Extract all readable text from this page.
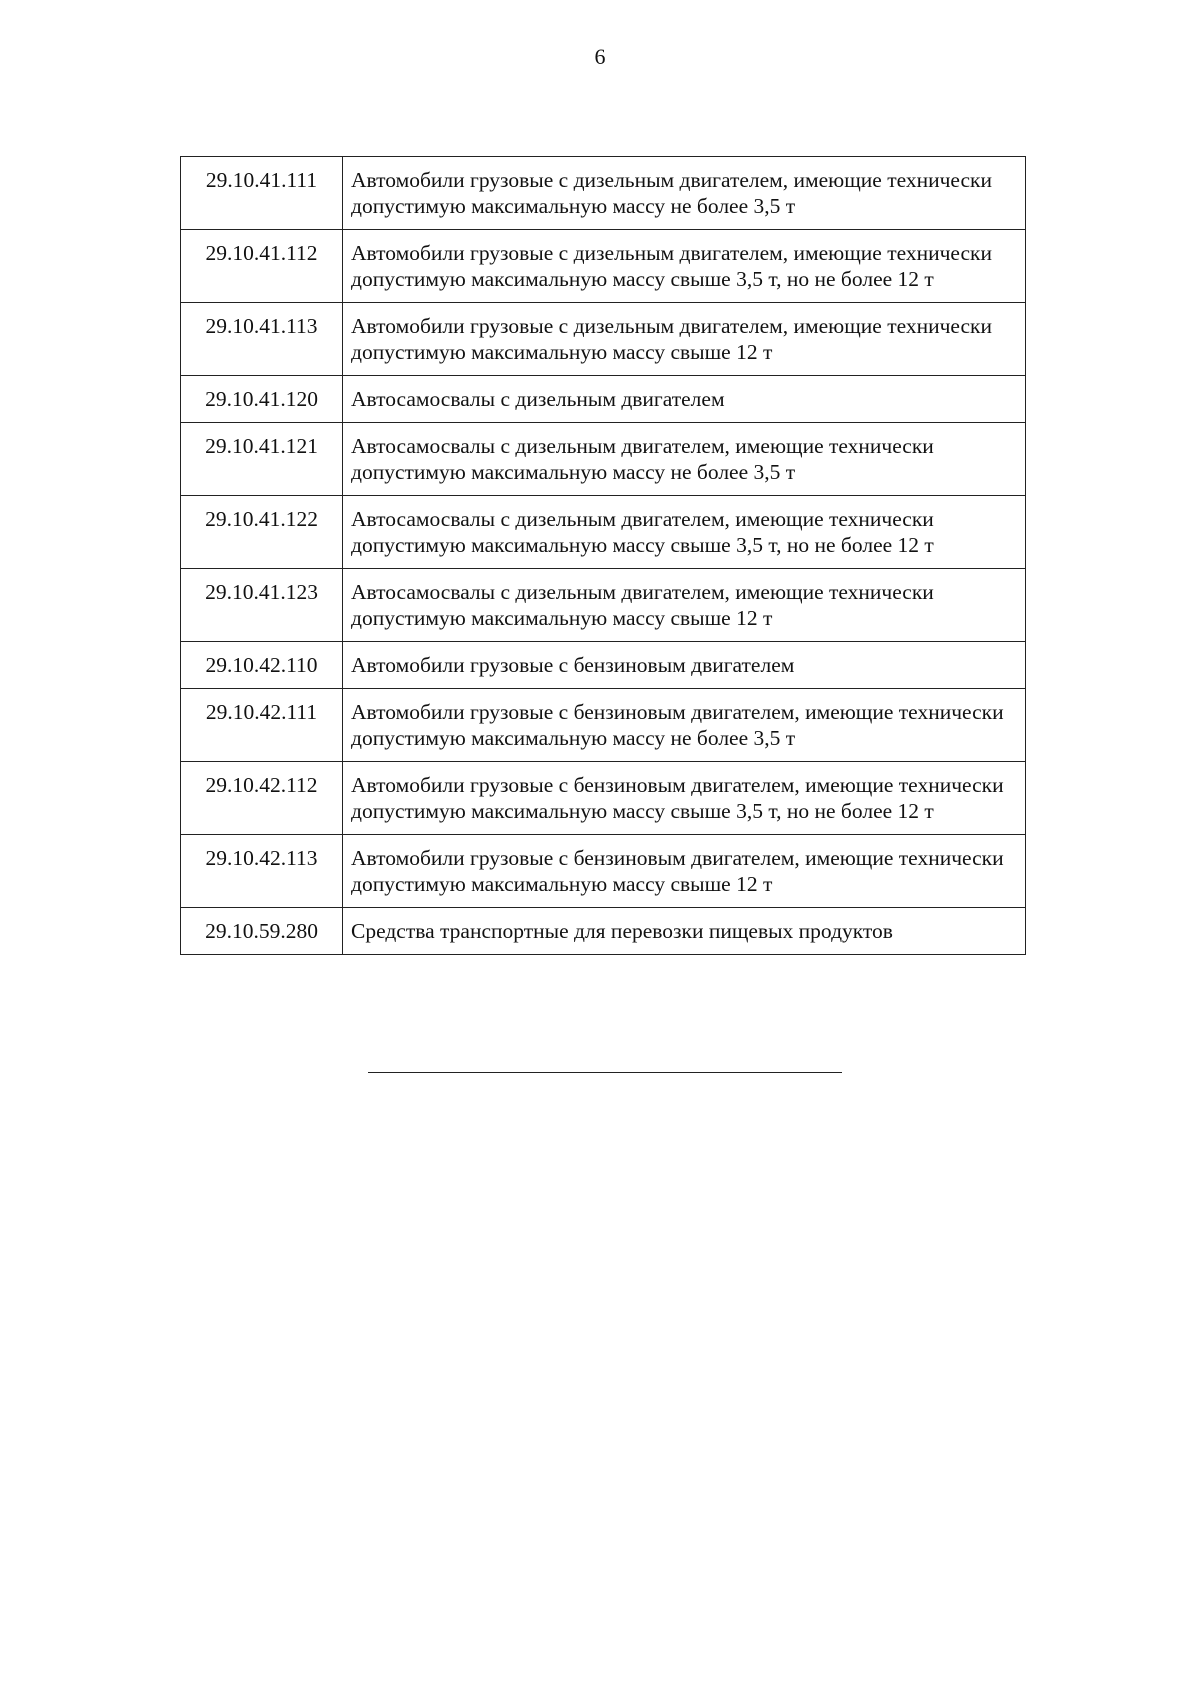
6
29.10.41.111	Автомобили грузовые с дизельным двигателем, имеющие технически допустимую максимальную массу не более 3,5 т
29.10.41.112	Автомобили грузовые с дизельным двигателем, имеющие технически допустимую максимальную массу свыше 3,5 т, но не более 12 т
29.10.41.113	Автомобили грузовые с дизельным двигателем, имеющие технически допустимую максимальную массу свыше 12 т
29.10.41.120	Автосамосвалы с дизельным двигателем
29.10.41.121	Автосамосвалы с дизельным двигателем, имеющие технически допустимую максимальную массу не более 3,5 т
29.10.41.122	Автосамосвалы с дизельным двигателем, имеющие технически допустимую максимальную массу свыше 3,5 т, но не более 12 т
29.10.41.123	Автосамосвалы с дизельным двигателем, имеющие технически допустимую максимальную массу свыше 12 т
29.10.42.110	Автомобили грузовые с бензиновым двигателем
29.10.42.111	Автомобили грузовые с бензиновым двигателем, имеющие технически допустимую максимальную массу не более 3,5 т
29.10.42.112	Автомобили грузовые с бензиновым двигателем, имеющие технически допустимую максимальную массу свыше 3,5 т, но не более 12 т
29.10.42.113	Автомобили грузовые с бензиновым двигателем, имеющие технически допустимую максимальную массу свыше 12 т
29.10.59.280	Средства транспортные для перевозки пищевых продуктов
